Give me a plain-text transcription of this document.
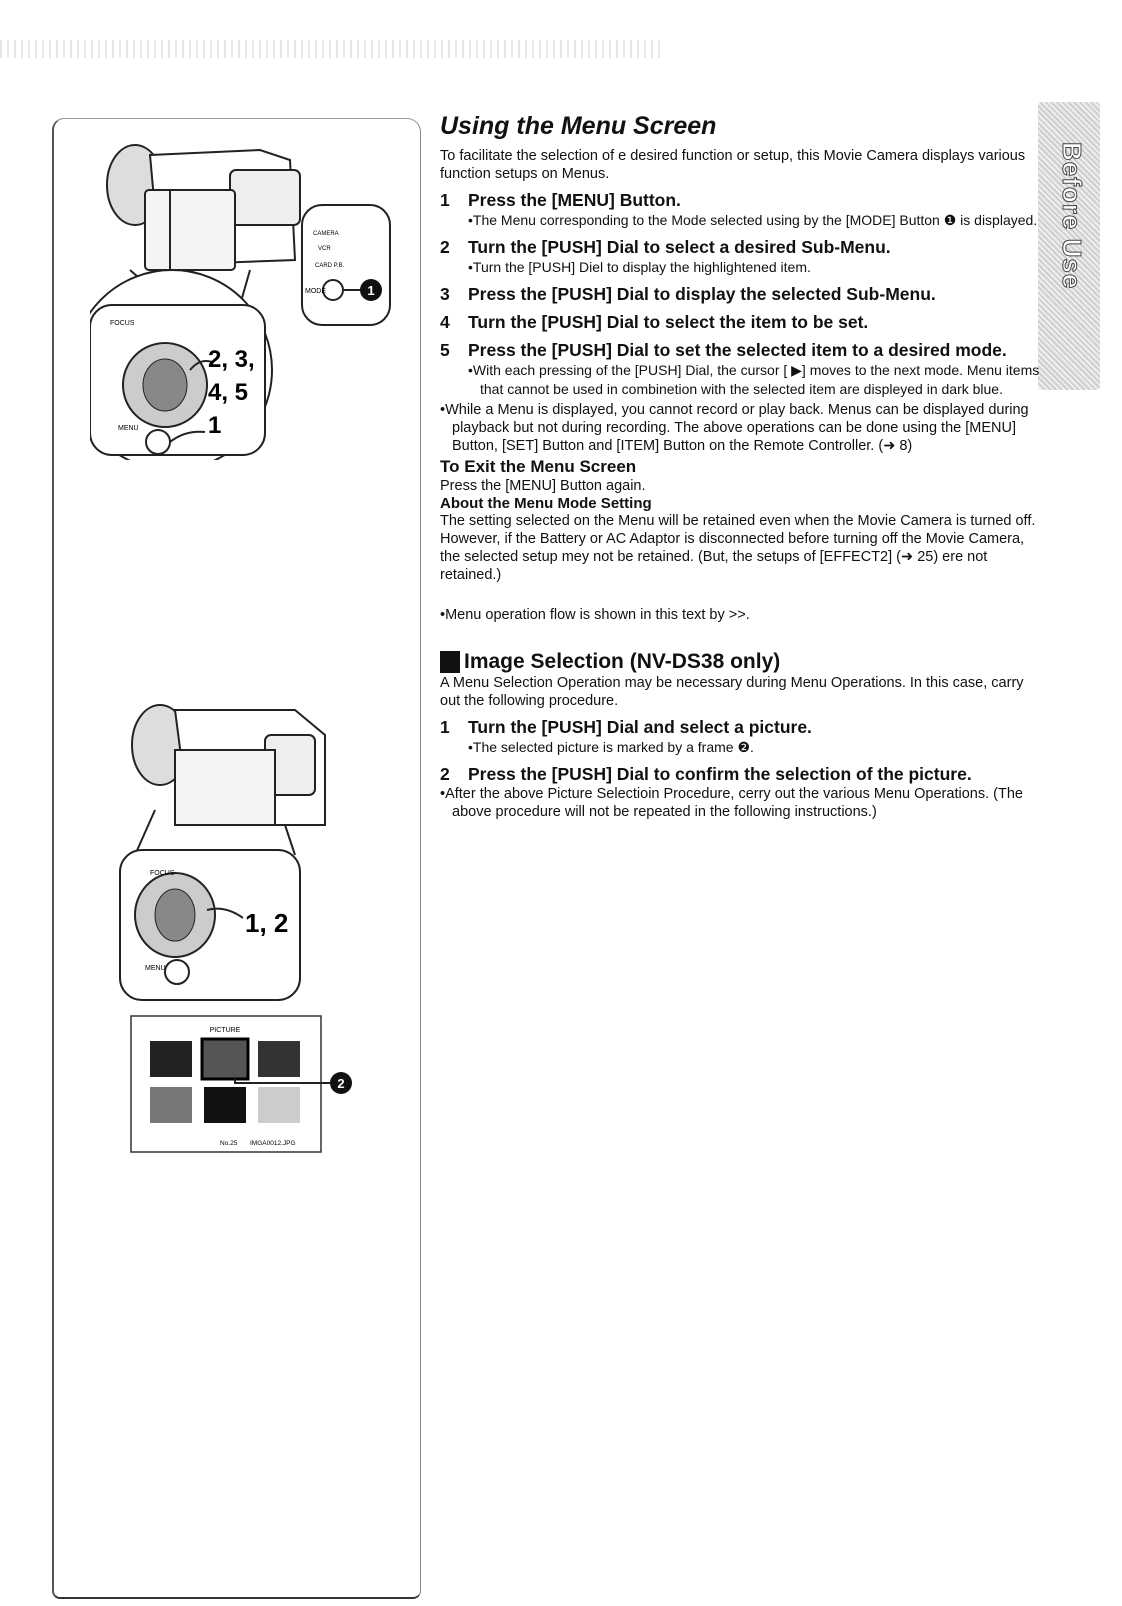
1
FOCUS
MENU
MODE
CAMERA
VCR
CARD P.B.
2, 3,
4, 5
1
FOCUS
MENU
1, 2
PICTURE
2
No.25 IMGA0012.JPG
Before Use
Using the Menu Screen

To facilitate the selection of e desired function or setup, this Movie Camera displays various function setups on Menus.

1	Press the [MENU] Button.

•The Menu corresponding to the Mode selected using by the [MODE] Button ❶ is displayed.

2	Turn the [PUSH] Dial to select a desired Sub-Menu.

•Turn the [PUSH] Diel to display the highlightened item.

3	Press the [PUSH] Dial to display the selected Sub-Menu.
4	Turn the [PUSH] Dial to select the item to be set.
5	Press the [PUSH] Dial to set the selected item to a desired mode.

•With each pressing of the [PUSH] Dial, the cursor [ ▶] moves to the next mode. Menu items that cannot be used in combinetion with the selected item are displeyed in dark blue.

•While a Menu is displayed, you cannot record or play back. Menus can be displayed during playback but not during recording. The above operations can be done using the [MENU] Button, [SET] Button and [ITEM] Button on the Remote Controller. (➜ 8)

To Exit the Menu Screen

Press the [MENU] Button again.

About the Menu Mode Setting

The setting selected on the Menu will be retained even when the Movie Camera is turned off. However, if the Battery or AC Adaptor is disconnected before turning off the Movie Camera, the selected setup mey not be retained. (But, the setups of [EFFECT2] (➜ 25) ere not retained.)

•Menu operation flow is shown in this text by >>.

Image Selection (NV-DS38 only)

A Menu Selection Operation may be necessary during Menu Operations. In this case, carry out the following procedure.

1	Turn the [PUSH] Dial and select a picture.

•The selected picture is marked by a frame ❷.

2	Press the [PUSH] Dial to confirm the selection of the picture.

•After the above Picture Selectioin Procedure, cerry out the various Menu Operations. (The above procedure will not be repeated in the following instructions.)
